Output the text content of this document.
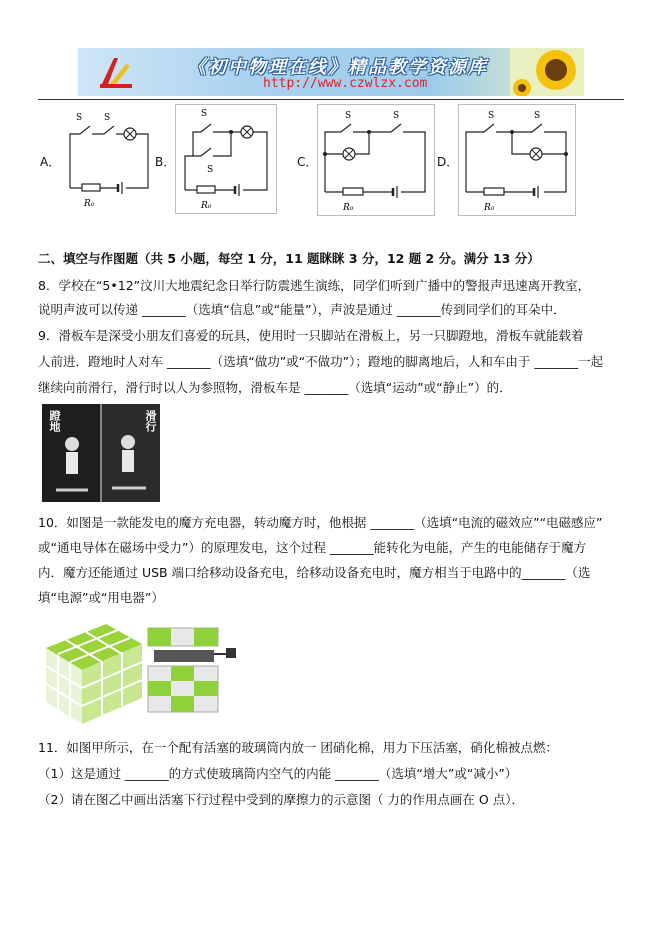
《初中物理在线》精品教学资源库
http://www.czwlzx.com
A．
S S
R₀
B．
S
S
R₀
C．
S	S
R₀
D．
S	S
R₀
二、填空与作图题（共 5 小题，每空 1 分，11 题眯眯 3 分，12 题 2 分。满分 13 分）
8．学校在“5•12”汶川大地震纪念日举行防震逃生演练，同学们听到广播中的警报声迅速离开教室，
说明声波可以传递 _______（选填“信息”或“能量”），声波是通过 _______传到同学们的耳朵中．
9．滑板车是深受小朋友们喜爱的玩具，使用时一只脚站在滑板上，另一只脚蹬地，滑板车就能载着
人前进．蹬地时人对车 _______（选填“做功”或“不做功”）；蹬地的脚离地后，人和车由于 _______一起
继续向前滑行，滑行时以人为参照物，滑板车是 _______（选填“运动”或“静止”）的．
蹬地	滑行
10．如图是一款能发电的魔方充电器，转动魔方时，他根据 _______（选填“电流的磁效应”“电磁感应”
或“通电导体在磁场中受力”）的原理发电，这个过程 _______能转化为电能，产生的电能储存于魔方
内．魔方还能通过 USB 端口给移动设备充电，给移动设备充电时，魔方相当于电路中的_______（选
填“电源”或“用电器”）
11．如图甲所示，在一个配有活塞的玻璃筒内放一 团硝化棉，用力下压活塞，硝化棉被点燃：
（1）这是通过 _______的方式使玻璃筒内空气的内能 _______（选填“增大”或“减小”）
（2）请在图乙中画出活塞下行过程中受到的摩擦力的示意图（ 力的作用点画在 O 点）．
